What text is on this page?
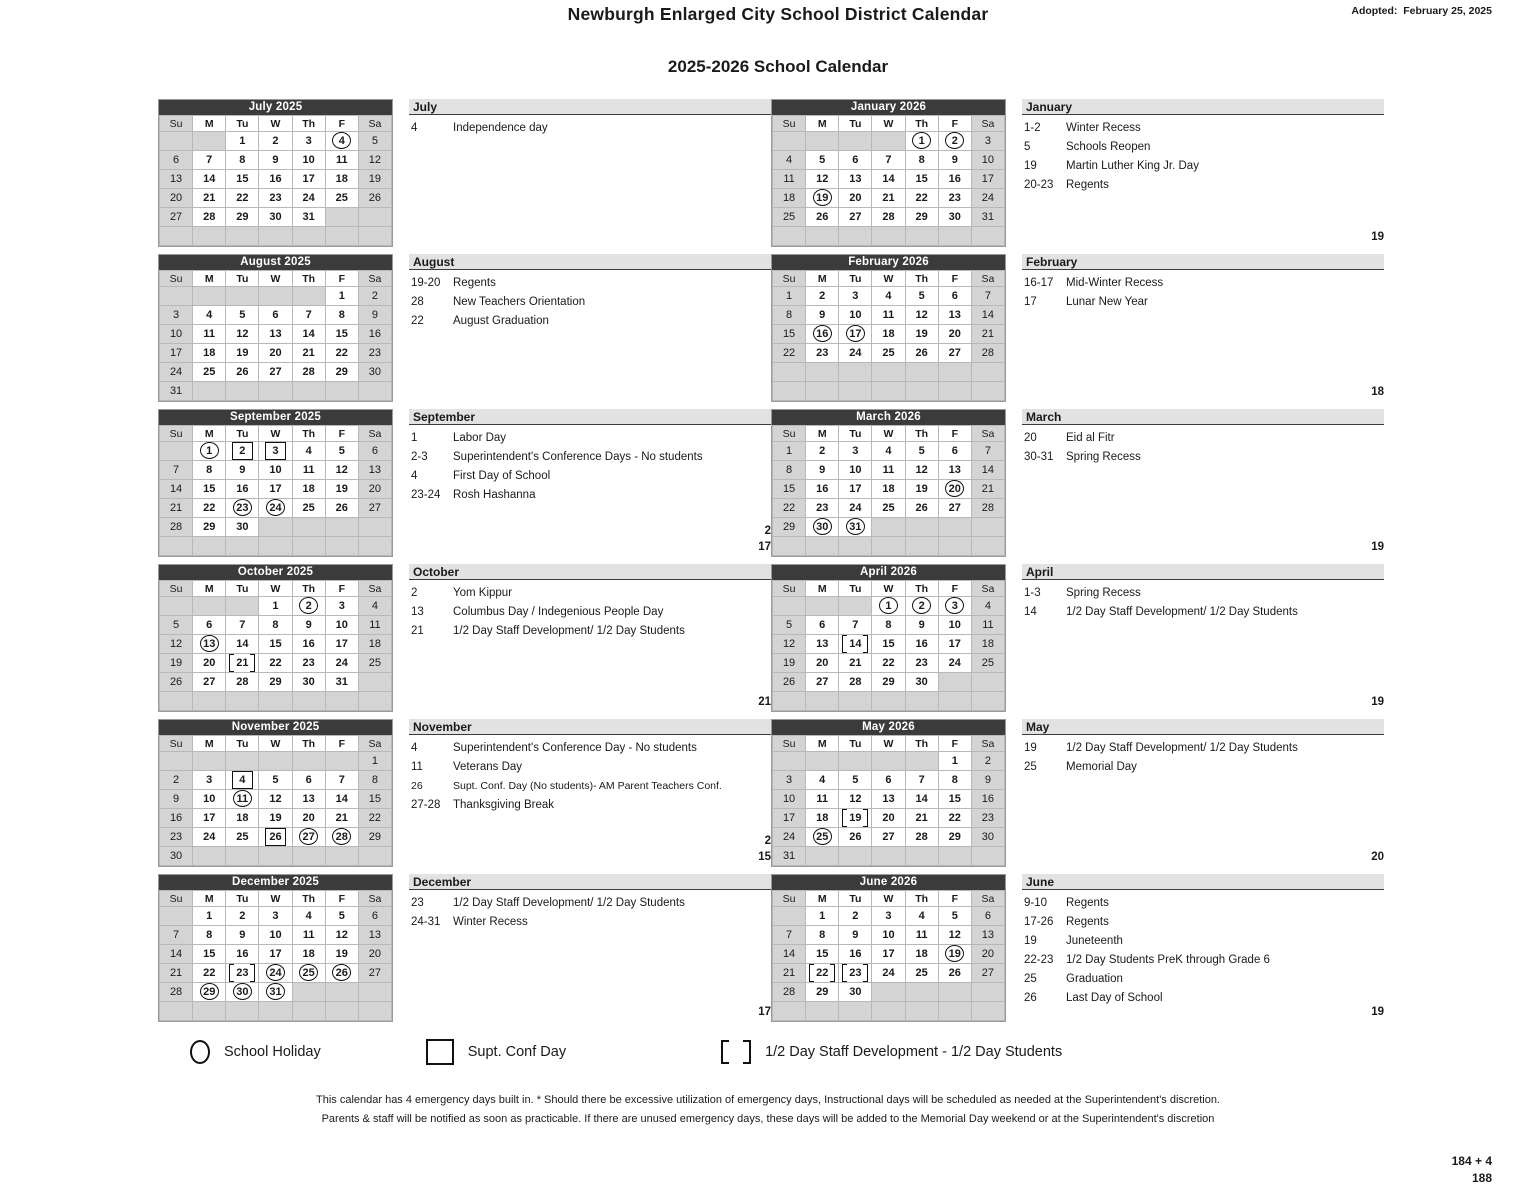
Newburgh Enlarged City School District Calendar	Adopted:  February 25, 2025
2025-2026 School Calendar
July 2025
Su	M	Tu	W	Th	F	Sa
		1	2	3	4	5
6	7	8	9	10	11	12
13	14	15	16	17	18	19
20	21	22	23	24	25	26
27	28	29	30	31		

July
4	Independence day
August 2025
Su	M	Tu	W	Th	F	Sa
					1	2
3	4	5	6	7	8	9
10	11	12	13	14	15	16
17	18	19	20	21	22	23
24	25	26	27	28	29	30
31						
August
19-20	Regents
28	New Teachers Orientation
22	August Graduation
September 2025
Su	M	Tu	W	Th	F	Sa
	1	2	3	4	5	6
7	8	9	10	11	12	13
14	15	16	17	18	19	20
21	22	23	24	25	26	27
28	29	30				

September
1	Labor Day
2-3	Superintendent's Conference Days - No students
4	First Day of School
23-24	Rosh Hashanna
2
17
October 2025
Su	M	Tu	W	Th	F	Sa
			1	2	3	4
5	6	7	8	9	10	11
12	13	14	15	16	17	18
19	20	21	22	23	24	25
26	27	28	29	30	31	

October
2	Yom Kippur
13	Columbus Day / Indegenious People Day
21	1/2 Day Staff Development/ 1/2 Day Students
21
November 2025
Su	M	Tu	W	Th	F	Sa
						1
2	3	4	5	6	7	8
9	10	11	12	13	14	15
16	17	18	19	20	21	22
23	24	25	26	27	28	29
30						
November
4	Superintendent's Conference Day - No students
11	Veterans Day
26	Supt. Conf. Day (No students)- AM Parent Teachers Conf.
27-28	Thanksgiving Break
2
15
December 2025
Su	M	Tu	W	Th	F	Sa
	1	2	3	4	5	6
7	8	9	10	11	12	13
14	15	16	17	18	19	20
21	22	23	24	25	26	27
28	29	30	31			

December
23	1/2 Day Staff Development/ 1/2 Day Students
24-31	Winter Recess
17
January 2026
Su	M	Tu	W	Th	F	Sa
				1	2	3
4	5	6	7	8	9	10
11	12	13	14	15	16	17
18	19	20	21	22	23	24
25	26	27	28	29	30	31

January
1-2	Winter Recess
5	Schools Reopen
19	Martin Luther King Jr. Day
20-23	Regents
19
February 2026
Su	M	Tu	W	Th	F	Sa
1	2	3	4	5	6	7
8	9	10	11	12	13	14
15	16	17	18	19	20	21
22	23	24	25	26	27	28

February
16-17	Mid-Winter Recess
17	Lunar New Year
18
March 2026
Su	M	Tu	W	Th	F	Sa
1	2	3	4	5	6	7
8	9	10	11	12	13	14
15	16	17	18	19	20	21
22	23	24	25	26	27	28
29	30	31				

March
20	Eid al Fitr
30-31	Spring Recess
19
April 2026
Su	M	Tu	W	Th	F	Sa
			1	2	3	4
5	6	7	8	9	10	11
12	13	14	15	16	17	18
19	20	21	22	23	24	25
26	27	28	29	30		

April
1-3	Spring Recess
14	1/2 Day Staff Development/ 1/2 Day Students
19
May 2026
Su	M	Tu	W	Th	F	Sa
					1	2
3	4	5	6	7	8	9
10	11	12	13	14	15	16
17	18	19	20	21	22	23
24	25	26	27	28	29	30
31						
May
19	1/2 Day Staff Development/ 1/2 Day Students
25	Memorial Day
20
June 2026
Su	M	Tu	W	Th	F	Sa
	1	2	3	4	5	6
7	8	9	10	11	12	13
14	15	16	17	18	19	20
21	22	23	24	25	26	27
28	29	30				

June
9-10	Regents
17-26	Regents
19	Juneteenth
22-23	1/2 Day Students PreK through Grade 6
25	Graduation
26	Last Day of School
19
184 + 4
188
School Holiday	Supt. Conf Day	1/2 Day Staff Development - 1/2 Day Students
This calendar has 4 emergency days built in. * Should there be excessive utilization of emergency days, Instructional days will be scheduled as needed at the Superintendent's discretion.
Parents & staff will be notified as soon as practicable. If there are unused emergency days, these days will be added to the Memorial Day weekend or at the Superintendent's discretion
